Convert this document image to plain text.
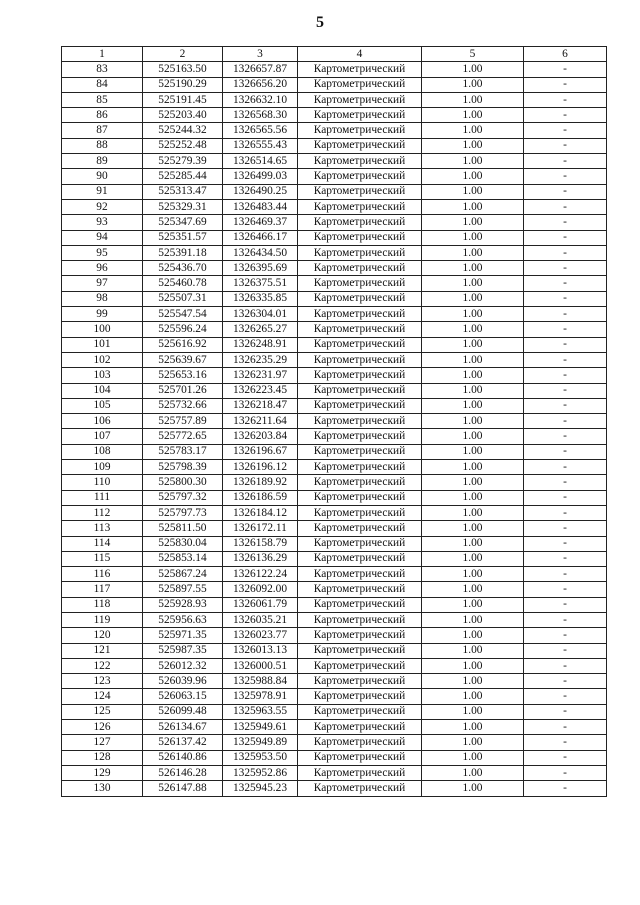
5
1	2	3	4	5	6
83	525163.50	1326657.87	Картометрический	1.00	-
84	525190.29	1326656.20	Картометрический	1.00	-
85	525191.45	1326632.10	Картометрический	1.00	-
86	525203.40	1326568.30	Картометрический	1.00	-
87	525244.32	1326565.56	Картометрический	1.00	-
88	525252.48	1326555.43	Картометрический	1.00	-
89	525279.39	1326514.65	Картометрический	1.00	-
90	525285.44	1326499.03	Картометрический	1.00	-
91	525313.47	1326490.25	Картометрический	1.00	-
92	525329.31	1326483.44	Картометрический	1.00	-
93	525347.69	1326469.37	Картометрический	1.00	-
94	525351.57	1326466.17	Картометрический	1.00	-
95	525391.18	1326434.50	Картометрический	1.00	-
96	525436.70	1326395.69	Картометрический	1.00	-
97	525460.78	1326375.51	Картометрический	1.00	-
98	525507.31	1326335.85	Картометрический	1.00	-
99	525547.54	1326304.01	Картометрический	1.00	-
100	525596.24	1326265.27	Картометрический	1.00	-
101	525616.92	1326248.91	Картометрический	1.00	-
102	525639.67	1326235.29	Картометрический	1.00	-
103	525653.16	1326231.97	Картометрический	1.00	-
104	525701.26	1326223.45	Картометрический	1.00	-
105	525732.66	1326218.47	Картометрический	1.00	-
106	525757.89	1326211.64	Картометрический	1.00	-
107	525772.65	1326203.84	Картометрический	1.00	-
108	525783.17	1326196.67	Картометрический	1.00	-
109	525798.39	1326196.12	Картометрический	1.00	-
110	525800.30	1326189.92	Картометрический	1.00	-
111	525797.32	1326186.59	Картометрический	1.00	-
112	525797.73	1326184.12	Картометрический	1.00	-
113	525811.50	1326172.11	Картометрический	1.00	-
114	525830.04	1326158.79	Картометрический	1.00	-
115	525853.14	1326136.29	Картометрический	1.00	-
116	525867.24	1326122.24	Картометрический	1.00	-
117	525897.55	1326092.00	Картометрический	1.00	-
118	525928.93	1326061.79	Картометрический	1.00	-
119	525956.63	1326035.21	Картометрический	1.00	-
120	525971.35	1326023.77	Картометрический	1.00	-
121	525987.35	1326013.13	Картометрический	1.00	-
122	526012.32	1326000.51	Картометрический	1.00	-
123	526039.96	1325988.84	Картометрический	1.00	-
124	526063.15	1325978.91	Картометрический	1.00	-
125	526099.48	1325963.55	Картометрический	1.00	-
126	526134.67	1325949.61	Картометрический	1.00	-
127	526137.42	1325949.89	Картометрический	1.00	-
128	526140.86	1325953.50	Картометрический	1.00	-
129	526146.28	1325952.86	Картометрический	1.00	-
130	526147.88	1325945.23	Картометрический	1.00	-
